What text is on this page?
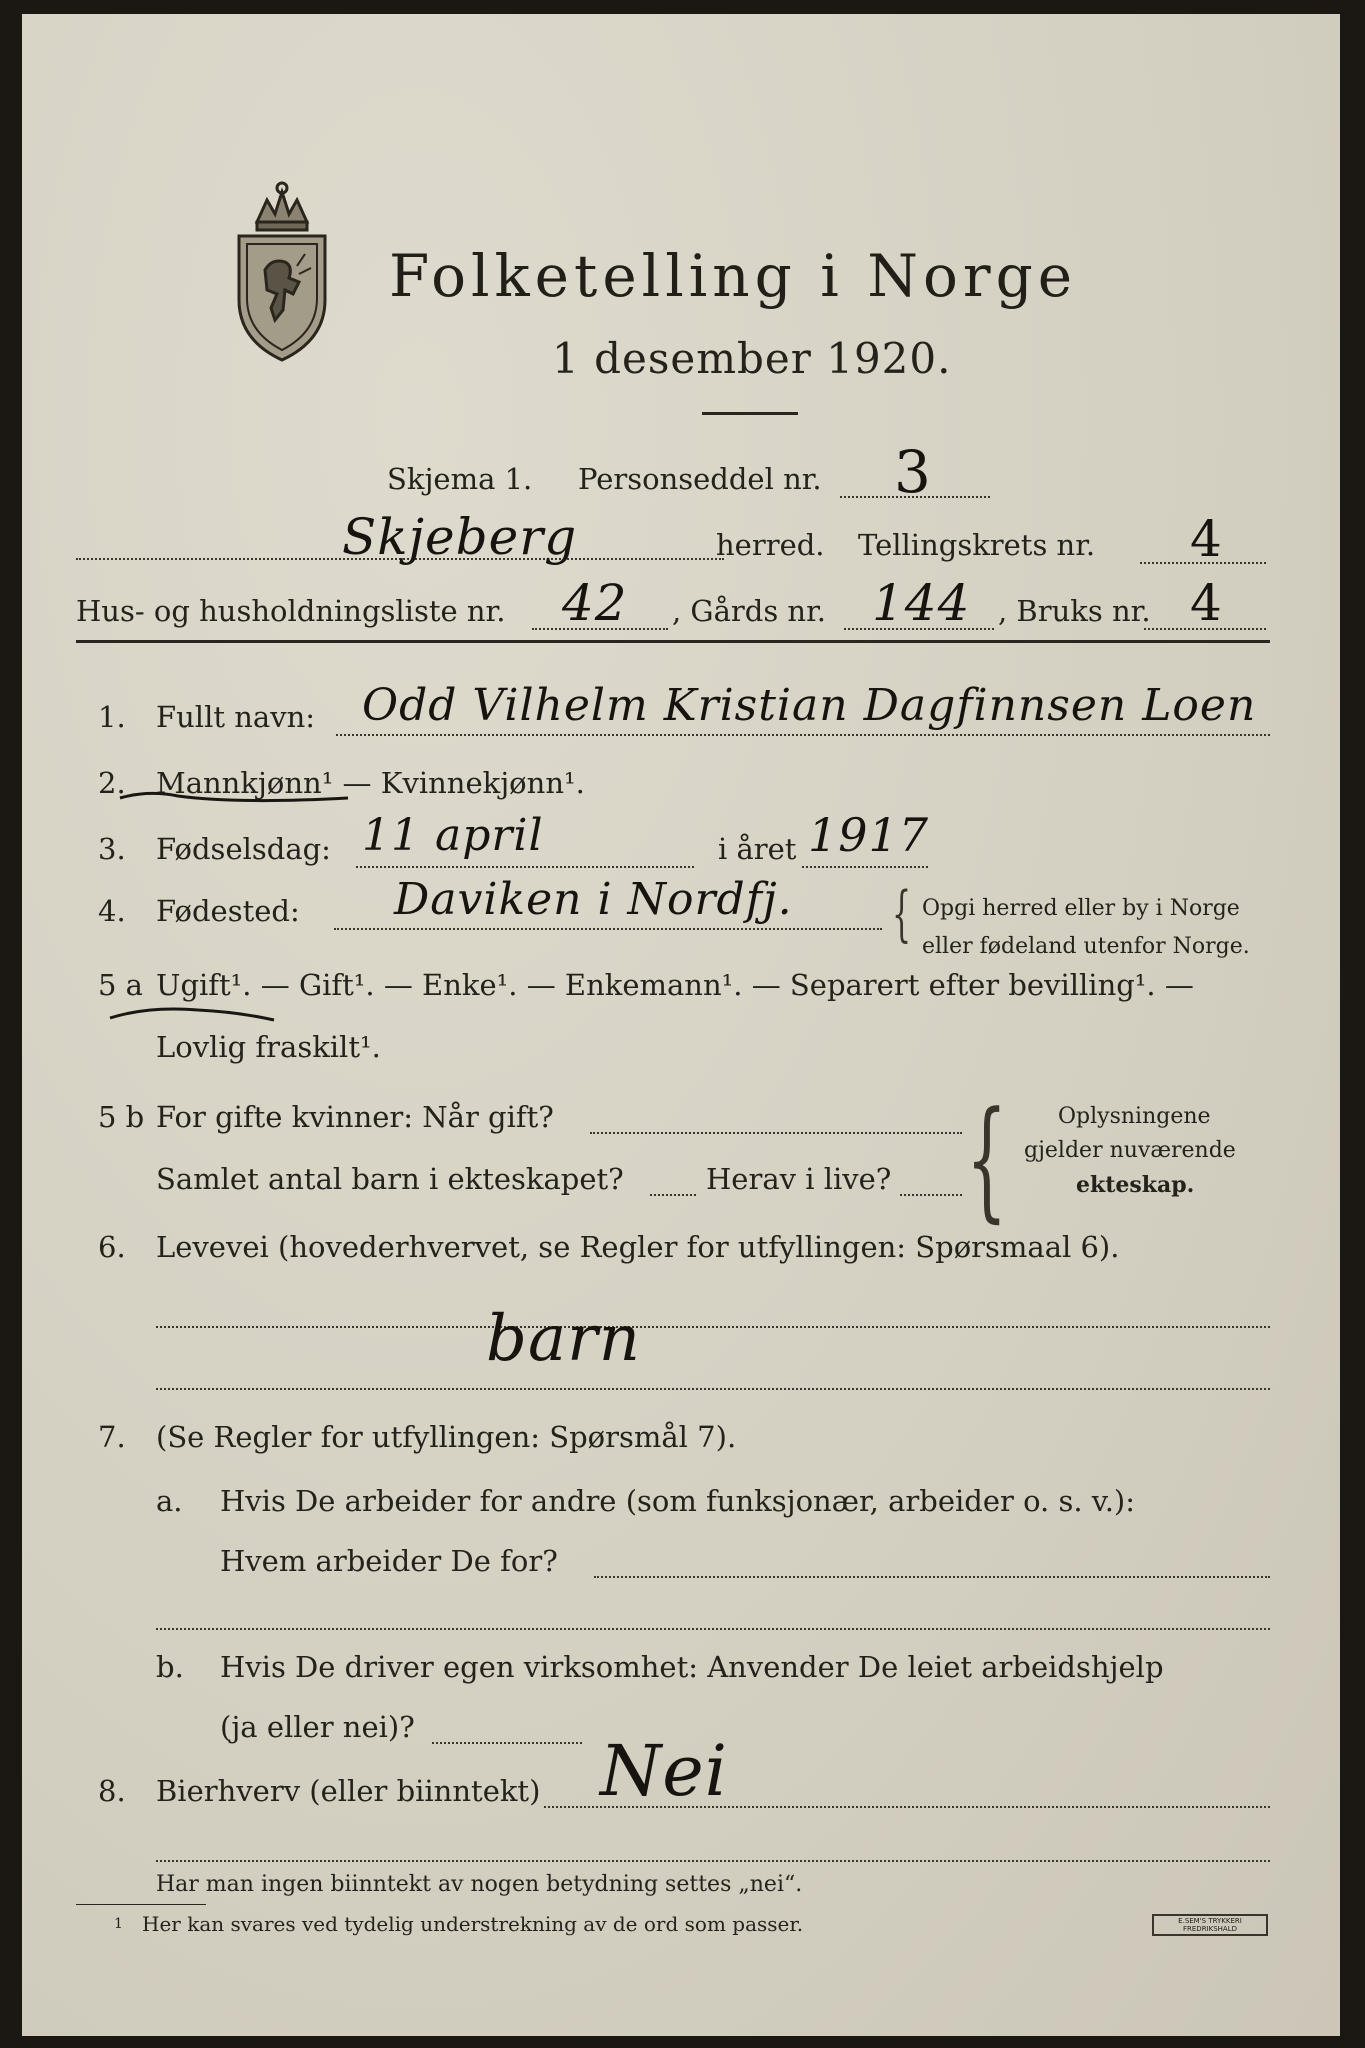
Folketelling i Norge
1 desember 1920.
Skjema 1. Personseddel nr. 3
Skjeberg	herred. Tellingskrets nr. 4
Hus- og husholdningsliste nr. 42 , Gårds nr. 144 , Bruks nr. 4
1. Fullt navn: Odd Vilhelm Kristian Dagfinnsen Loen
2. Mannkjønn¹ — Kvinnekjønn¹.
3. Fødselsdag: 11 april	i året 1917
4. Fødested: Daviken i Nordfj. { Opgi herred eller by i Norge
eller fødeland utenfor Norge.
5 a Ugift¹. — Gift¹. — Enke¹. — Enkemann¹. — Separert efter bevilling¹. —
Lovlig fraskilt¹.
5 b For gifte kvinner: Når gift?
Samlet antal barn i ekteskapet?	Herav i live? { Oplysningene
gjelder nuværende
ekteskap.
6. Levevei (hovederhvervet, se Regler for utfyllingen: Spørsmaal 6).
barn
7. (Se Regler for utfyllingen: Spørsmål 7).
a. Hvis De arbeider for andre (som funksjonær, arbeider o. s. v.):
Hvem arbeider De for?
b. Hvis De driver egen virksomhet: Anvender De leiet arbeidshjelp
(ja eller nei)?
8. Bierhverv (eller biinntekt) Nei
Har man ingen biinntekt av nogen betydning settes „nei“.
1 Her kan svares ved tydelig understrekning av de ord som passer.	E.SEM'S TRYKKERI
FREDRIKSHALD
